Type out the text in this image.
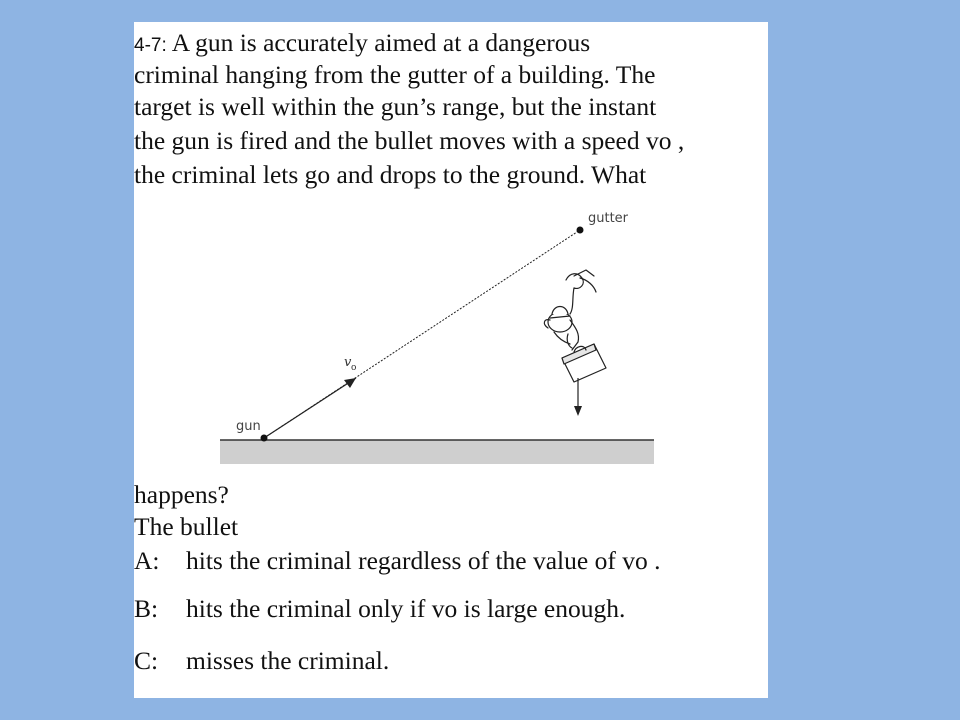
4-7: A gun is accurately aimed at a dangerous
criminal hanging from the gutter of a building. The
target is well within the gun’s range, but the instant
the gun is fired and the bullet moves with a speed vo ,
the criminal lets go and drops to the ground. What
gutter
gun
v o
happens?
The bullet
A: hits the criminal regardless of the value of vo .
B: hits the criminal only if vo is large enough.
C: misses the criminal.
